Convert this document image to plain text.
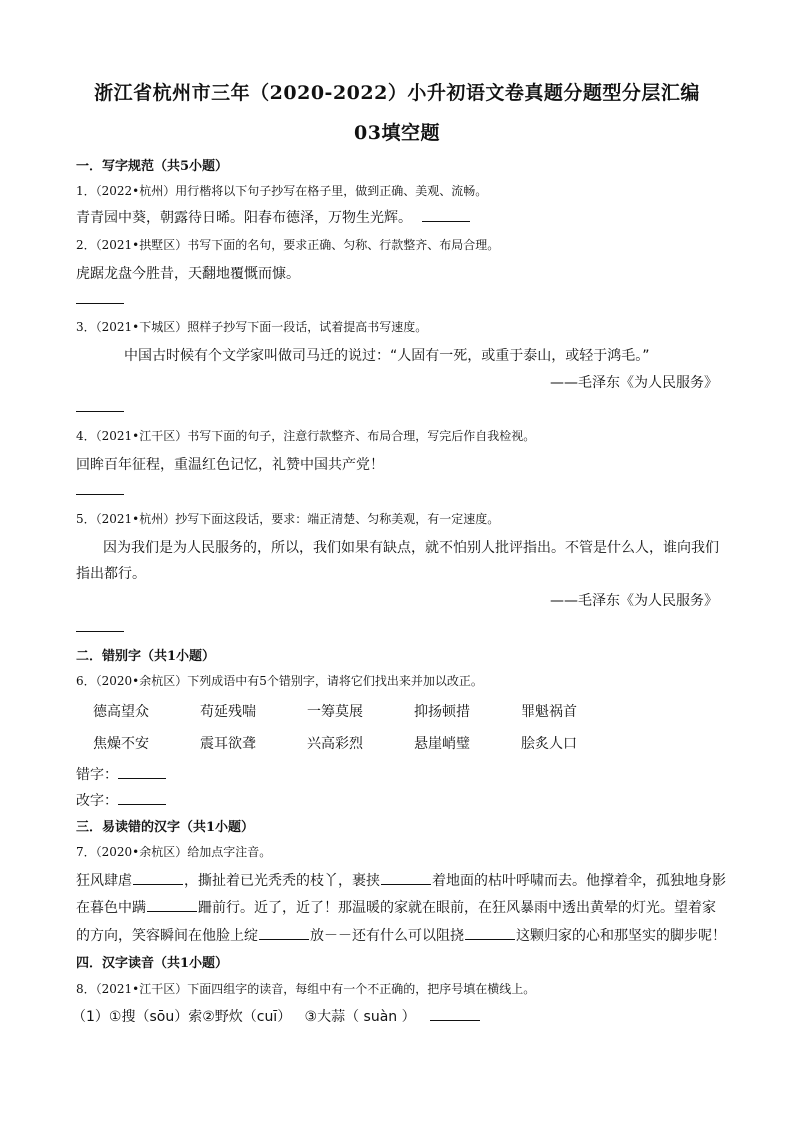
浙江省杭州市三年（2020-2022）小升初语文卷真题分题型分层汇编
03填空题
一．写字规范（共5小题）
1．（2022•杭州）用行楷将以下句子抄写在格子里，做到正确、美观、流畅。
青青园中葵，朝露待日晞。阳春布德泽，万物生光辉。
2．（2021•拱墅区）书写下面的名句，要求正确、匀称、行款整齐、布局合理。
虎踞龙盘今胜昔，天翻地覆慨而慷。
3．（2021•下城区）照样子抄写下面一段话，试着提高书写速度。
中国古时候有个文学家叫做司马迁的说过：“人固有一死，或重于泰山，或轻于鸿毛。”
——毛泽东《为人民服务》
4．（2021•江干区）书写下面的句子，注意行款整齐、布局合理，写完后作自我检视。
回眸百年征程，重温红色记忆，礼赞中国共产党！
5．（2021•杭州）抄写下面这段话，要求：端正清楚、匀称美观，有一定速度。
因为我们是为人民服务的，所以，我们如果有缺点，就不怕别人批评指出。不管是什么人，谁向我们
指出都行。
——毛泽东《为人民服务》
二．错别字（共1小题）
6．（2020•余杭区）下列成语中有5个错别字，请将它们找出来并加以改正。
德高望众	苟延残喘	一筹莫展	抑扬顿措	罪魁祸首
焦燥不安	震耳欲聋	兴高彩烈	悬崖峭璧	脍炙人口
错字：
改字：
三．易读错的汉字（共1小题）
7．（2020•余杭区）给加点字注音。
狂风肆虐	，撕扯着已光秃秃的枝丫，裹挟	着地面的枯叶呼啸而去。他撑着伞，孤独地身影
在暮色中蹒	跚前行。近了，近了！那温暖的家就在眼前，在狂风暴雨中透出黄晕的灯光。望着家
的方向，笑容瞬间在他脸上绽	放－－还有什么可以阻挠	这颗归家的心和那坚实的脚步呢！
四．汉字读音（共1小题）
8．（2021•江干区）下面四组字的读音，每组中有一个不正确的，把序号填在横线上。
（1）①搜（sōu）索②野炊（cuī）   ③大蒜（ suàn ）
